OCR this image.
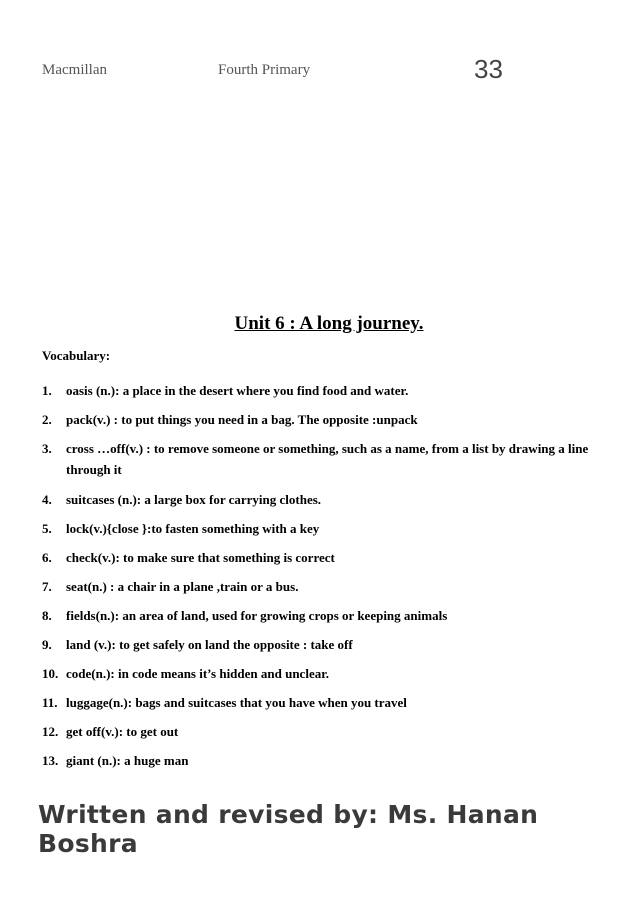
Macmillan	Fourth Primary	33
Unit 6 : A long journey.
Vocabulary:
1. oasis (n.): a place in the desert where you find food and water.
2. pack(v.) : to put things you need in a bag. The opposite :unpack
3. cross …off(v.) : to remove someone or something, such as a name, from a list by drawing a line through it
4. suitcases (n.): a large box for carrying clothes.
5. lock(v.){close }:to fasten something with a key
6. check(v.): to make sure that something is correct
7. seat(n.) : a chair in a plane ,train or a bus.
8. fields(n.): an area of land, used for growing crops or keeping animals
9. land (v.): to get safely on land the opposite : take off
10. code(n.): in code means it’s hidden and unclear.
11. luggage(n.): bags and suitcases that you have when you travel
12. get off(v.): to get out
13. giant (n.): a huge man
Written and revised by: Ms. Hanan Boshra
